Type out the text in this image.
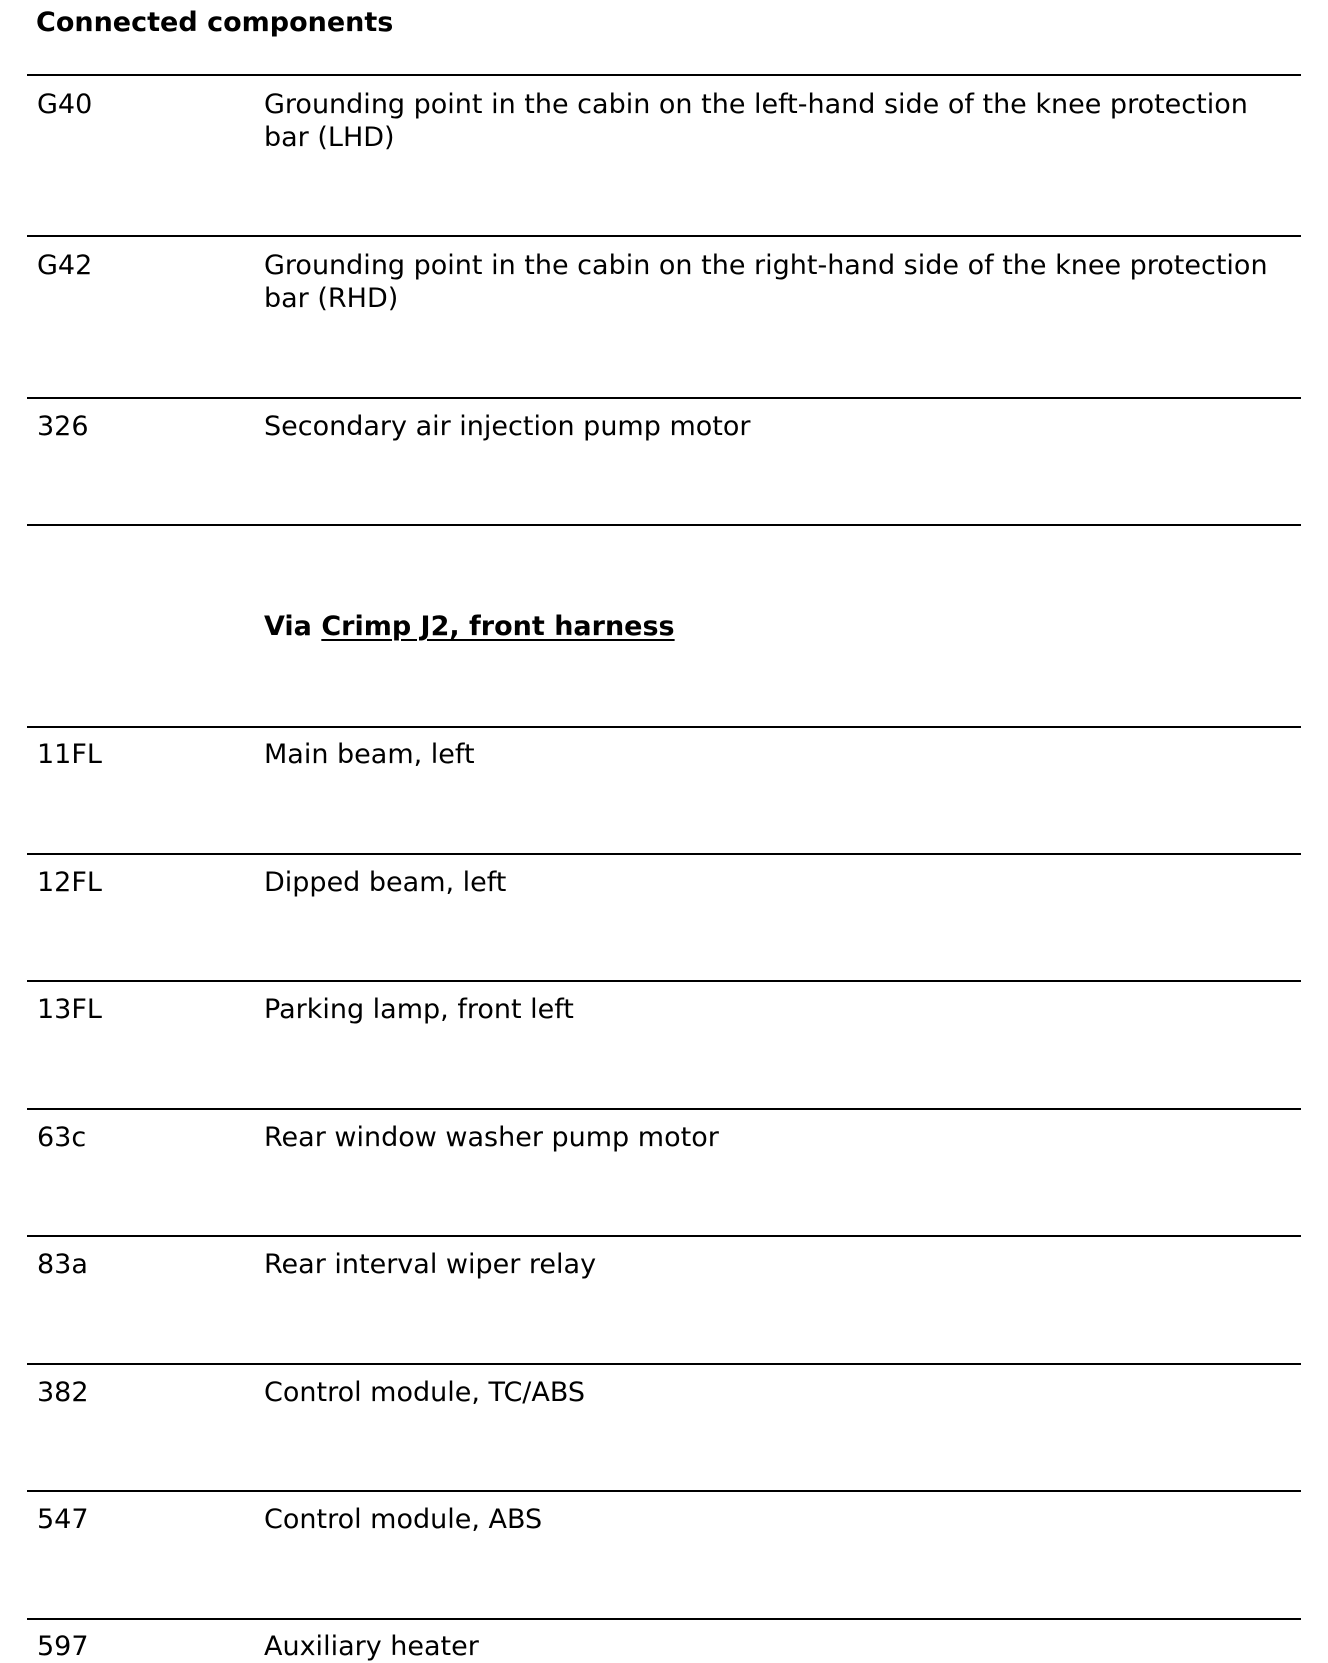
Connected components
G40	Grounding point in the cabin on the left-hand side of the knee protection bar (LHD)
G42	Grounding point in the cabin on the right-hand side of the knee protection bar (RHD)
326	Secondary air injection pump motor
Via Crimp J2, front harness
11FL	Main beam, left
12FL	Dipped beam, left
13FL	Parking lamp, front left
63c	Rear window washer pump motor
83a	Rear interval wiper relay
382	Control module, TC/ABS
547	Control module, ABS
597	Auxiliary heater
